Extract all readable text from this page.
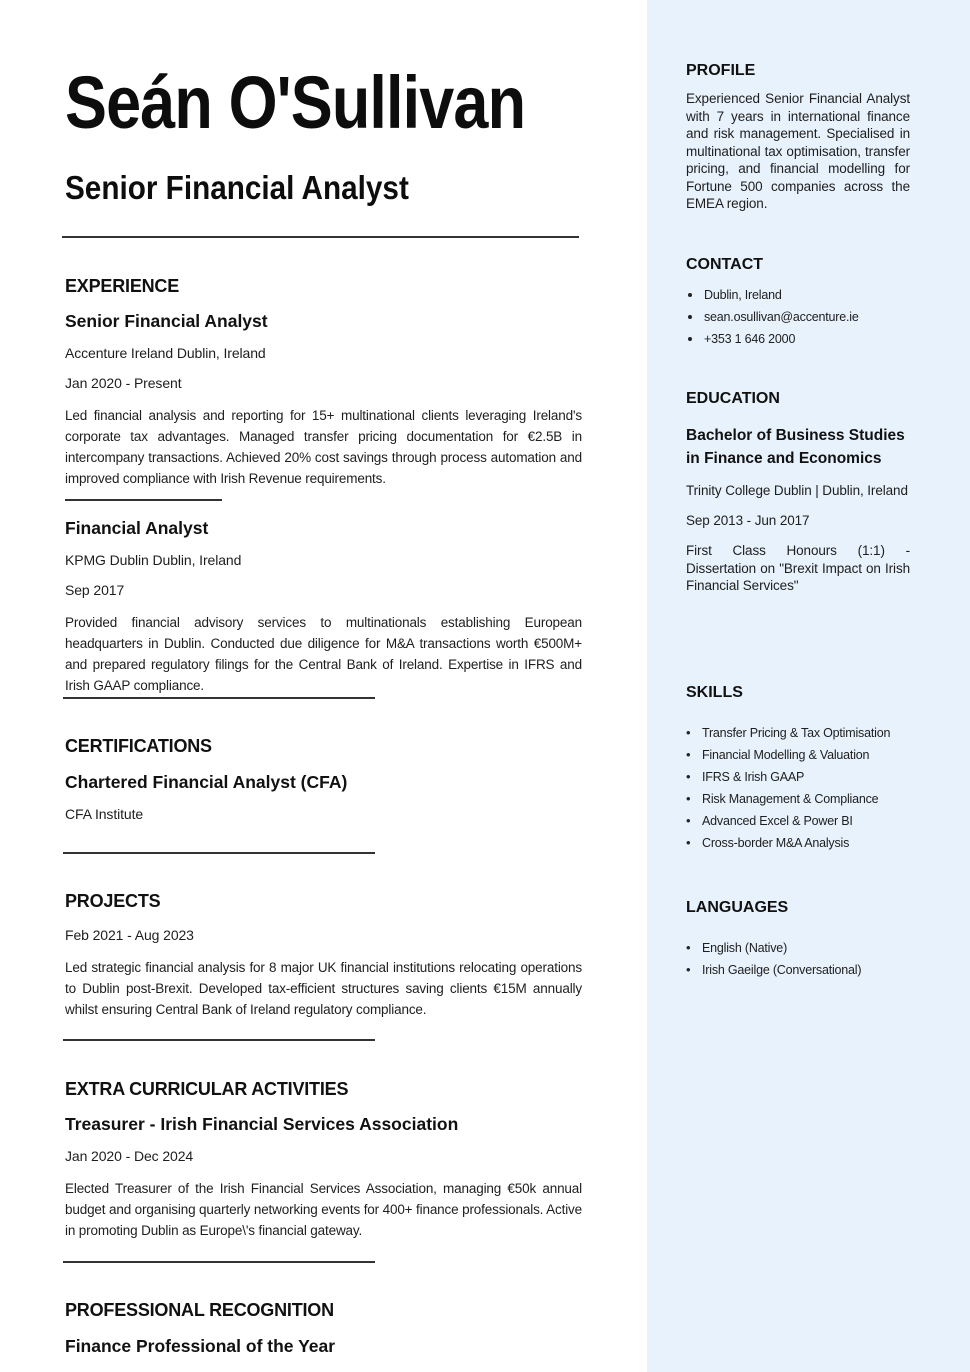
Seán O'Sullivan
Senior Financial Analyst
EXPERIENCE
Senior Financial Analyst

Accenture Ireland Dublin, Ireland

Jan 2020 - Present

Led financial analysis and reporting for 15+ multinational clients leveraging Ireland's corporate tax advantages. Managed transfer pricing documentation for €2.5B in intercompany transactions. Achieved 20% cost savings through process automation and improved compliance with Irish Revenue requirements.

Financial Analyst

KPMG Dublin Dublin, Ireland

Sep 2017

Provided financial advisory services to multinationals establishing European headquarters in Dublin. Conducted due diligence for M&A transactions worth €500M+ and prepared regulatory filings for the Central Bank of Ireland. Expertise in IFRS and Irish GAAP compliance.

CERTIFICATIONS
Chartered Financial Analyst (CFA)

CFA Institute

PROJECTS

Feb 2021 - Aug 2023

Led strategic financial analysis for 8 major UK financial institutions relocating operations to Dublin post-Brexit. Developed tax-efficient structures saving clients €15M annually whilst ensuring Central Bank of Ireland regulatory compliance.

EXTRA CURRICULAR ACTIVITIES
Treasurer - Irish Financial Services Association

Jan 2020 - Dec 2024

Elected Treasurer of the Irish Financial Services Association, managing €50k annual budget and organising quarterly networking events for 400+ finance professionals. Active in promoting Dublin as Europe\'s financial gateway.

PROFESSIONAL RECOGNITION
Finance Professional of the Year
PROFILE

Experienced Senior Financial Analyst with 7 years in international finance and risk management. Specialised in multinational tax optimisation, transfer pricing, and financial modelling for Fortune 500 companies across the EMEA region.

CONTACT
Dublin, Ireland
sean.osullivan@accenture.ie
+353 1 646 2000
EDUCATION
Bachelor of Business Studies in Finance and Economics

Trinity College Dublin | Dublin, Ireland

Sep 2013 - Jun 2017

First Class Honours (1:1) - Dissertation on "Brexit Impact on Irish Financial Services"

SKILLS
• Transfer Pricing & Tax Optimisation
• Financial Modelling & Valuation
• IFRS & Irish GAAP
• Risk Management & Compliance
• Advanced Excel & Power BI
• Cross-border M&A Analysis
LANGUAGES
• English (Native)
• Irish Gaeilge (Conversational)
